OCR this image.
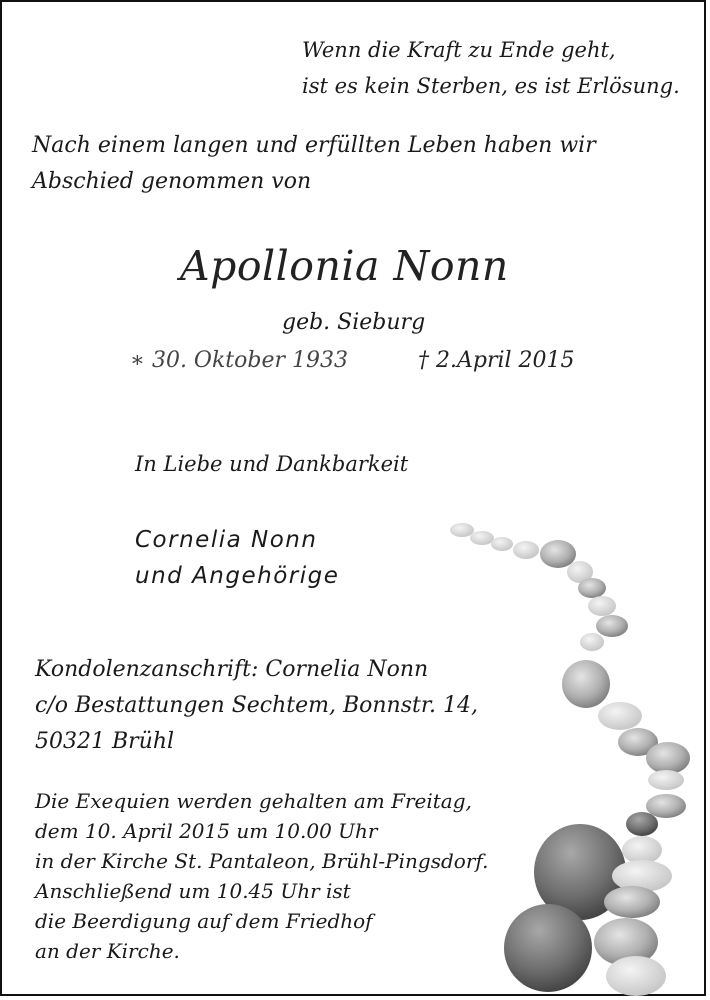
Wenn die Kraft zu Ende geht,
ist es kein Sterben, es ist Erlösung.
Nach einem langen und erfüllten Leben haben wir
Abschied genommen von
Apollonia Nonn
geb. Sieburg
∗ 30. Oktober 1933	† 2.April 2015
In Liebe und Dankbarkeit
Cornelia Nonn
und Angehörige
Kondolenzanschrift: Cornelia Nonn
c/o Bestattungen Sechtem, Bonnstr. 14,
50321 Brühl
Die Exequien werden gehalten am Freitag,
dem 10. April 2015 um 10.00 Uhr
in der Kirche St. Pantaleon, Brühl-Pingsdorf.
Anschließend um 10.45 Uhr ist
die Beerdigung auf dem Friedhof
an der Kirche.
